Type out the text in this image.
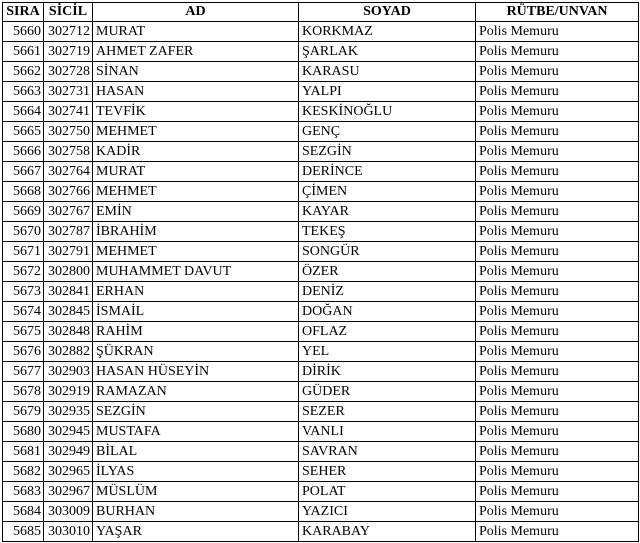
SIRA	SİCİL	AD	SOYAD	RÜTBE/UNVAN
5660	302712	MURAT	KORKMAZ	Polis Memuru
5661	302719	AHMET ZAFER	ŞARLAK	Polis Memuru
5662	302728	SİNAN	KARASU	Polis Memuru
5663	302731	HASAN	YALPI	Polis Memuru
5664	302741	TEVFİK	KESKİNOĞLU	Polis Memuru
5665	302750	MEHMET	GENÇ	Polis Memuru
5666	302758	KADİR	SEZGİN	Polis Memuru
5667	302764	MURAT	DERİNCE	Polis Memuru
5668	302766	MEHMET	ÇİMEN	Polis Memuru
5669	302767	EMİN	KAYAR	Polis Memuru
5670	302787	İBRAHİM	TEKEŞ	Polis Memuru
5671	302791	MEHMET	SONGÜR	Polis Memuru
5672	302800	MUHAMMET DAVUT	ÖZER	Polis Memuru
5673	302841	ERHAN	DENİZ	Polis Memuru
5674	302845	İSMAİL	DOĞAN	Polis Memuru
5675	302848	RAHİM	OFLAZ	Polis Memuru
5676	302882	ŞÜKRAN	YEL	Polis Memuru
5677	302903	HASAN HÜSEYİN	DİRİK	Polis Memuru
5678	302919	RAMAZAN	GÜDER	Polis Memuru
5679	302935	SEZGİN	SEZER	Polis Memuru
5680	302945	MUSTAFA	VANLI	Polis Memuru
5681	302949	BİLAL	SAVRAN	Polis Memuru
5682	302965	İLYAS	SEHER	Polis Memuru
5683	302967	MÜSLÜM	POLAT	Polis Memuru
5684	303009	BURHAN	YAZICI	Polis Memuru
5685	303010	YAŞAR	KARABAY	Polis Memuru
